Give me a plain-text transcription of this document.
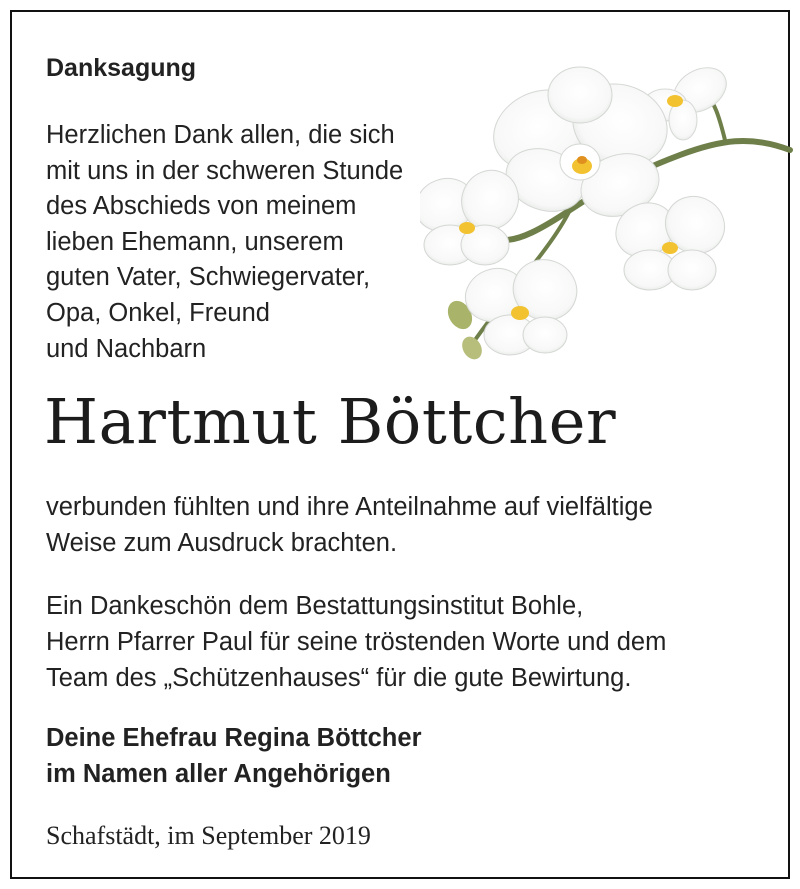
Danksagung
Herzlichen Dank allen, die sich
mit uns in der schweren Stunde
des Abschieds von meinem
lieben Ehemann, unserem
guten Vater, Schwiegervater,
Opa, Onkel, Freund
und Nachbarn
Hartmut Böttcher
verbunden fühlten und ihre Anteilnahme auf vielfältige
Weise zum Ausdruck brachten.
Ein Dankeschön dem Bestattungsinstitut Bohle,
Herrn Pfarrer Paul für seine tröstenden Worte und dem
Team des „Schützenhauses“ für die gute Bewirtung.
Deine Ehefrau Regina Böttcher
im Namen aller Angehörigen

Schafstädt, im September 2019
